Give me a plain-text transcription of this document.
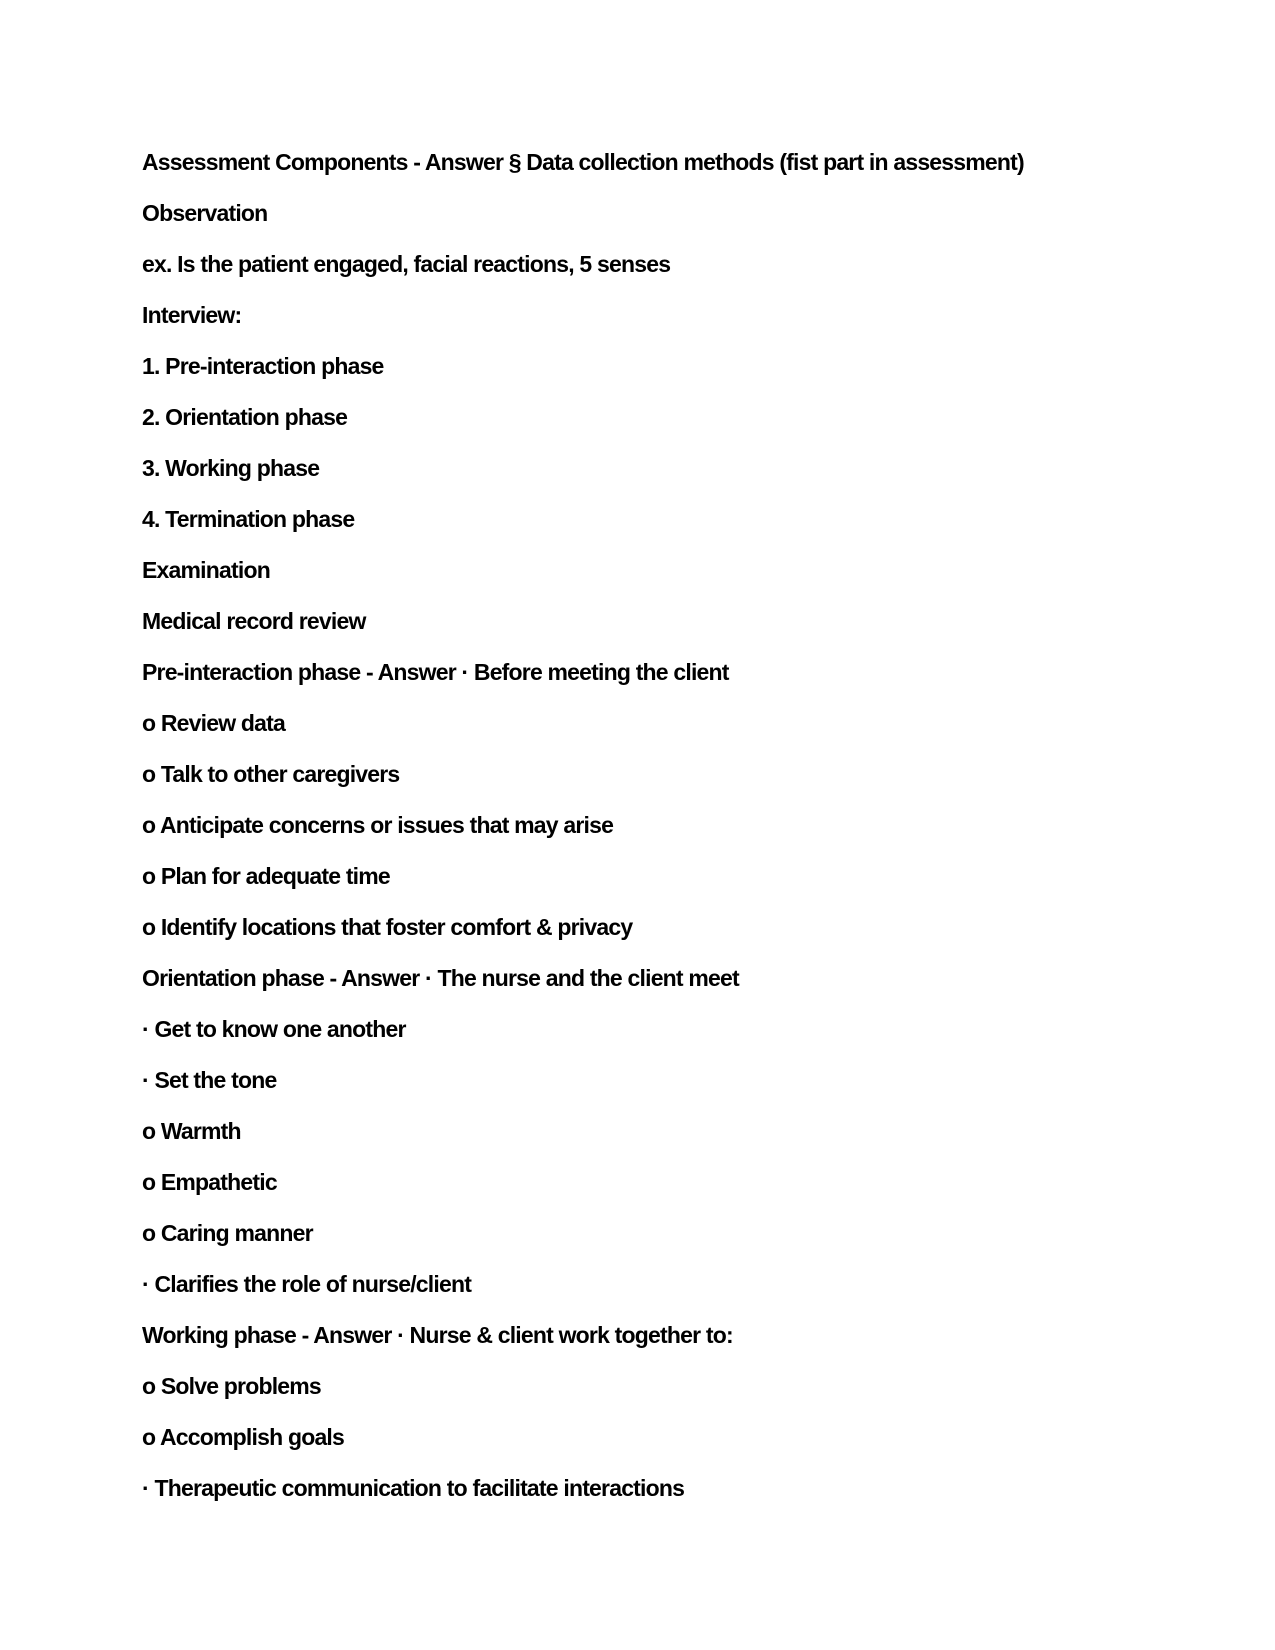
Assessment Components - Answer § Data collection methods (fist part in assessment)

Observation

ex. Is the patient engaged, facial reactions, 5 senses

Interview:

1. Pre-interaction phase

2. Orientation phase

3. Working phase

4. Termination phase

Examination

Medical record review

Pre-interaction phase - Answer · Before meeting the client

o Review data

o Talk to other caregivers

o Anticipate concerns or issues that may arise

o Plan for adequate time

o Identify locations that foster comfort & privacy

Orientation phase - Answer · The nurse and the client meet

· Get to know one another

· Set the tone

o Warmth

o Empathetic

o Caring manner

· Clarifies the role of nurse/client

Working phase - Answer · Nurse & client work together to:

o Solve problems

o Accomplish goals

· Therapeutic communication to facilitate interactions
